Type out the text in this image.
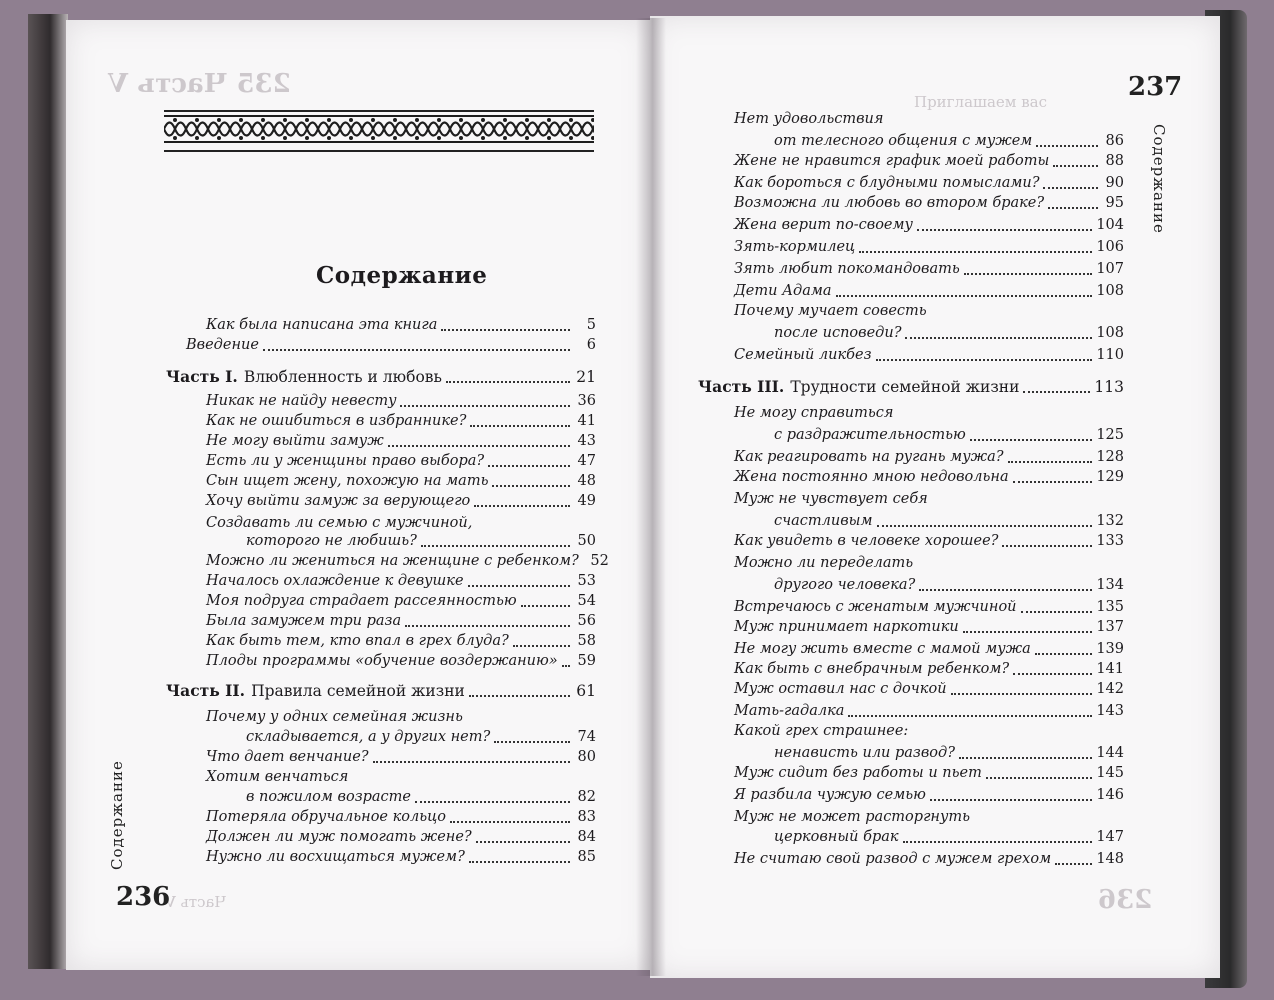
235 Часть V
Часть V
236
Содержание
Содержание
Как была написана эта книга	5
Введение	6
Часть I. Влюбленность и любовь	21
Никак не найду невесту	36
Как не ошибиться в избраннике?	41
Не могу выйти замуж	43
Есть ли у женщины право выбора?	47
Сын ищет жену, похожую на мать	48
Хочу выйти замуж за верующего	49
Создавать ли семью с мужчиной,
которого не любишь?	50
Можно ли жениться на женщине с ребенком? 52
Началось охлаждение к девушке	53
Моя подруга страдает рассеянностью	54
Была замужем три раза	56
Как быть тем, кто впал в грех блуда?	58
Плоды программы «обучение воздержанию» 59
Часть II. Правила семейной жизни	61
Почему у одних семейная жизнь
складывается, а у других нет?	74
Что дает венчание?	80
Хотим венчаться
в пожилом возрасте	82
Потеряла обручальное кольцо	83
Должен ли муж помогать жене?	84
Нужно ли восхищаться мужем?	85
Приглашаем вас
236
237
Содержание
Нет удовольствия
от телесного общения с мужем	86
Жене не нравится график моей работы	88
Как бороться с блудными помыслами?	90
Возможна ли любовь во втором браке?	95
Жена верит по-своему	104
Зять-кормилец	106
Зять любит покомандовать	107
Дети Адама	108
Почему мучает совесть
после исповеди?	108
Семейный ликбез	110
Часть III. Трудности семейной жизни	113
Не могу справиться
с раздражительностью	125
Как реагировать на ругань мужа?	128
Жена постоянно мною недовольна	129
Муж не чувствует себя
счастливым	132
Как увидеть в человеке хорошее?	133
Можно ли переделать
другого человека?	134
Встречаюсь с женатым мужчиной	135
Муж принимает наркотики	137
Не могу жить вместе с мамой мужа	139
Как быть с внебрачным ребенком?	141
Муж оставил нас с дочкой	142
Мать-гадалка	143
Какой грех страшнее:
ненависть или развод?	144
Муж сидит без работы и пьет	145
Я разбила чужую семью	146
Муж не может расторгнуть
церковный брак	147
Не считаю свой развод с мужем грехом	148
